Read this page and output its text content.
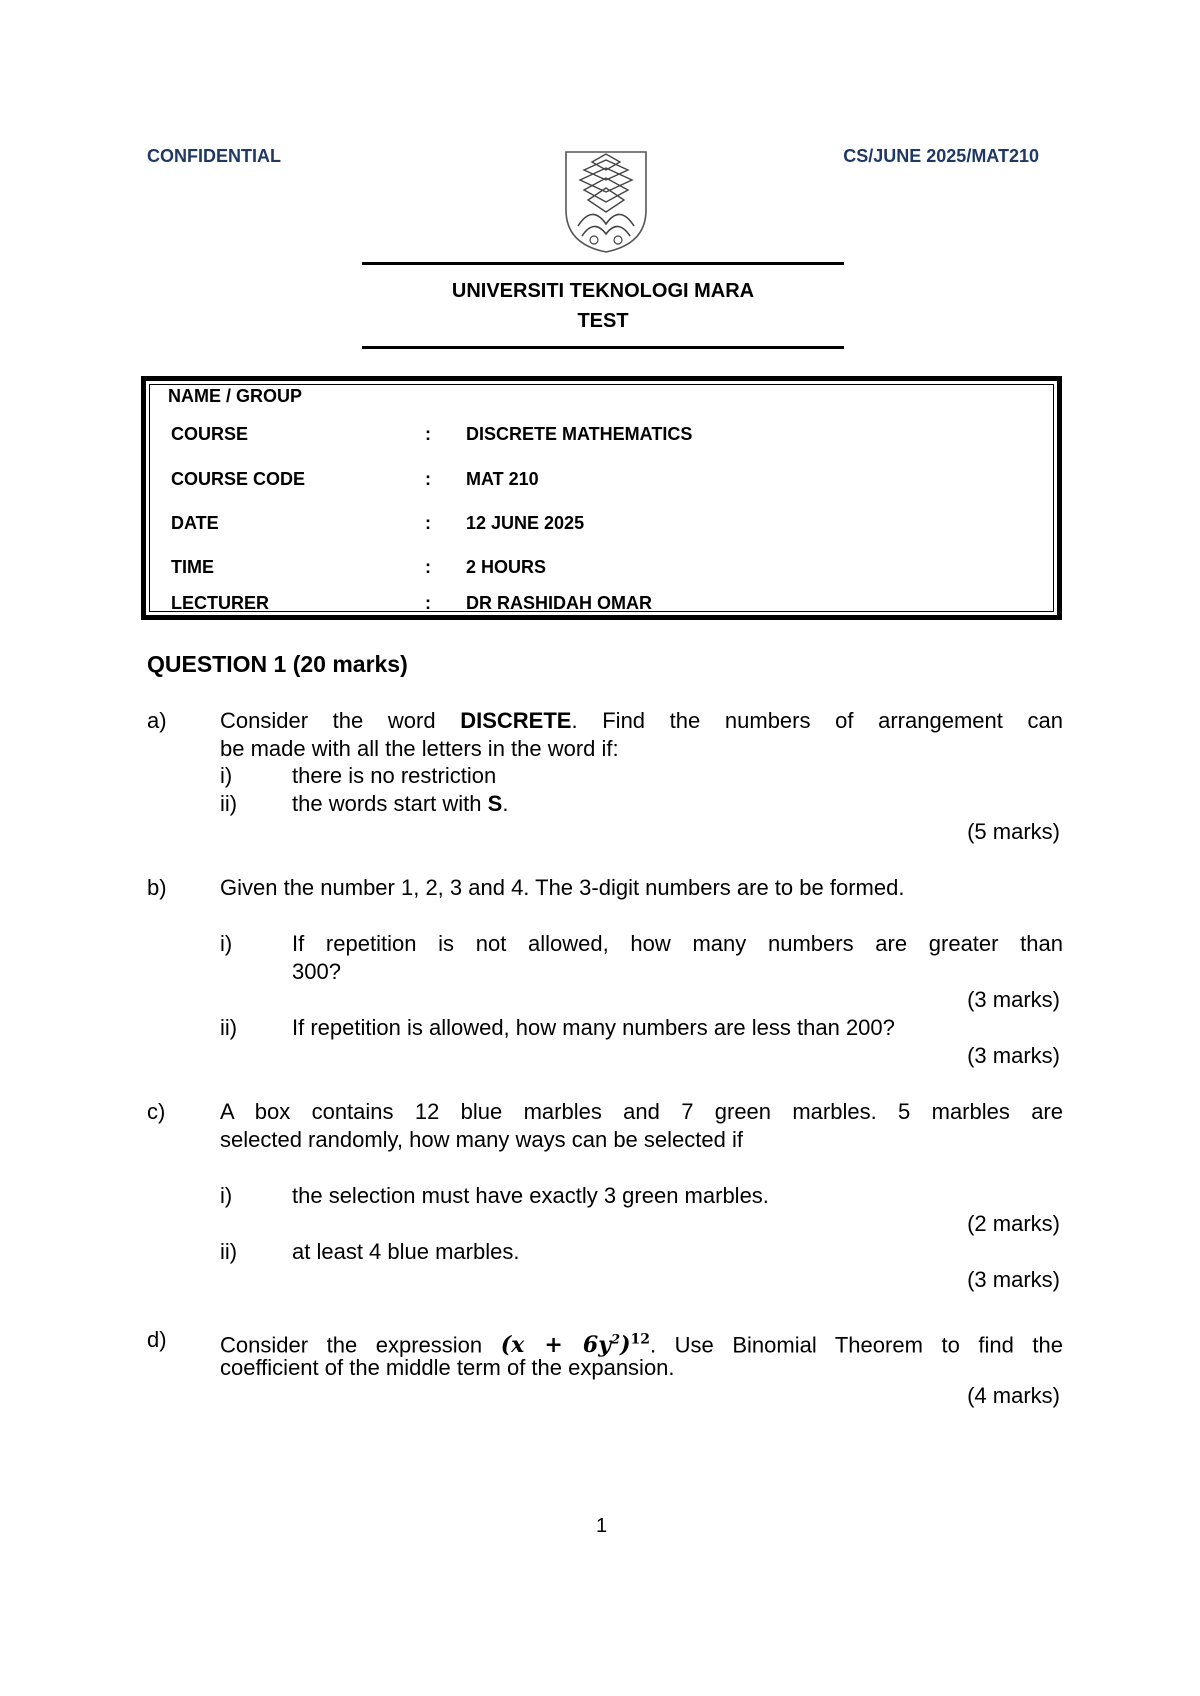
CONFIDENTIAL	CS/JUNE 2025/MAT210
UNIVERSITI TEKNOLOGI MARA
TEST
NAME / GROUP
COURSE	: DISCRETE MATHEMATICS
COURSE CODE	: MAT 210
DATE	: 12 JUNE 2025
TIME	: 2 HOURS
LECTURER	: DR RASHIDAH OMAR
QUESTION 1 (20 marks)
a) Consider the word DISCRETE. Find the numbers of arrangement can
be made with all the letters in the word if:
i)	there is no restriction
ii) the words start with S.
(5 marks)
b) Given the number 1, 2, 3 and 4. The 3-digit numbers are to be formed.
i)	If repetition is not allowed, how many numbers are greater than
300?
(3 marks)
ii) If repetition is allowed, how many numbers are less than 200?
(3 marks)
c) A box contains 12 blue marbles and 7 green marbles. 5 marbles are
selected randomly, how many ways can be selected if
i)	the selection must have exactly 3 green marbles.
(2 marks)
ii) at least 4 blue marbles.
(3 marks)
d) Consider the expression $(x + 6y^2)^{12}$. Use Binomial Theorem to find the
coefficient of the middle term of the expansion.
(4 marks)
1
